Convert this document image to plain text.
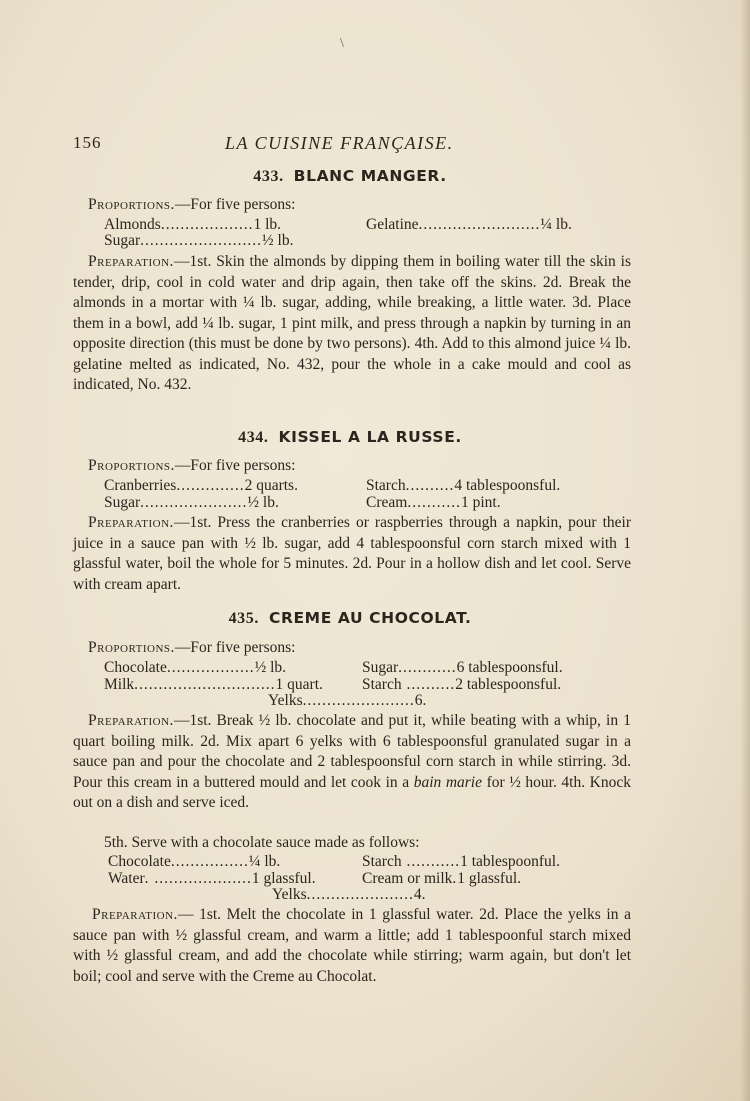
\
156	LA CUISINE FRANÇAISE.
433. BLANC MANGER.
Proportions.—For five persons:
Almonds...................1 lb.	Gelatine.........................¼ lb.
Sugar.........................½ lb.
Preparation.—1st. Skin the almonds by dipping them in boiling water till the skin is tender, drip, cool in cold water and drip again, then take off the skins. 2d. Break the almonds in a mortar with ¼ lb. sugar, adding, while breaking, a little water. 3d. Place them in a bowl, add ¼ lb. sugar, 1 pint milk, and press through a napkin by turning in an opposite direction (this must be done by two persons). 4th. Add to this almond juice ¼ lb. gelatine melted as indicated, No. 432, pour the whole in a cake mould and cool as indicated, No. 432.
434. KISSEL A LA RUSSE.
Proportions.—For five persons:
Cranberries..............2 quarts.	Starch..........4 tablespoonsful.
Sugar......................½ lb.	Cream...........1 pint.
Preparation.—1st. Press the cranberries or raspberries through a napkin, pour their juice in a sauce pan with ½ lb. sugar, add 4 tablespoonsful corn starch mixed with 1 glassful water, boil the whole for 5 minutes. 2d. Pour in a hollow dish and let cool. Serve with cream apart.
435. CREME AU CHOCOLAT.
Proportions.—For five persons:
Chocolate..................½ lb.	Sugar............6 tablespoonsful.
Milk.............................1 quart.	Starch ..........2 tablespoonsful.
Yelks.......................6.
Preparation.—1st. Break ½ lb. chocolate and put it, while beating with a whip, in 1 quart boiling milk. 2d. Mix apart 6 yelks with 6 tablespoonsful granulated sugar in a sauce pan and pour the chocolate and 2 tablespoonsful corn starch in while stirring. 3d. Pour this cream in a buttered mould and let cook in a bain marie for ½ hour. 4th. Knock out on a dish and serve iced.
5th. Serve with a chocolate sauce made as follows:
Chocolate................¼ lb.	Starch ...........1 tablespoonful.
Water. ....................1 glassful.	Cream or milk.1 glassful.
Yelks......................4.
Preparation.— 1st. Melt the chocolate in 1 glassful water. 2d. Place the yelks in a sauce pan with ½ glassful cream, and warm a little; add 1 tablespoonful starch mixed with ½ glassful cream, and add the chocolate while stirring; warm again, but don't let boil; cool and serve with the Creme au Chocolat.
